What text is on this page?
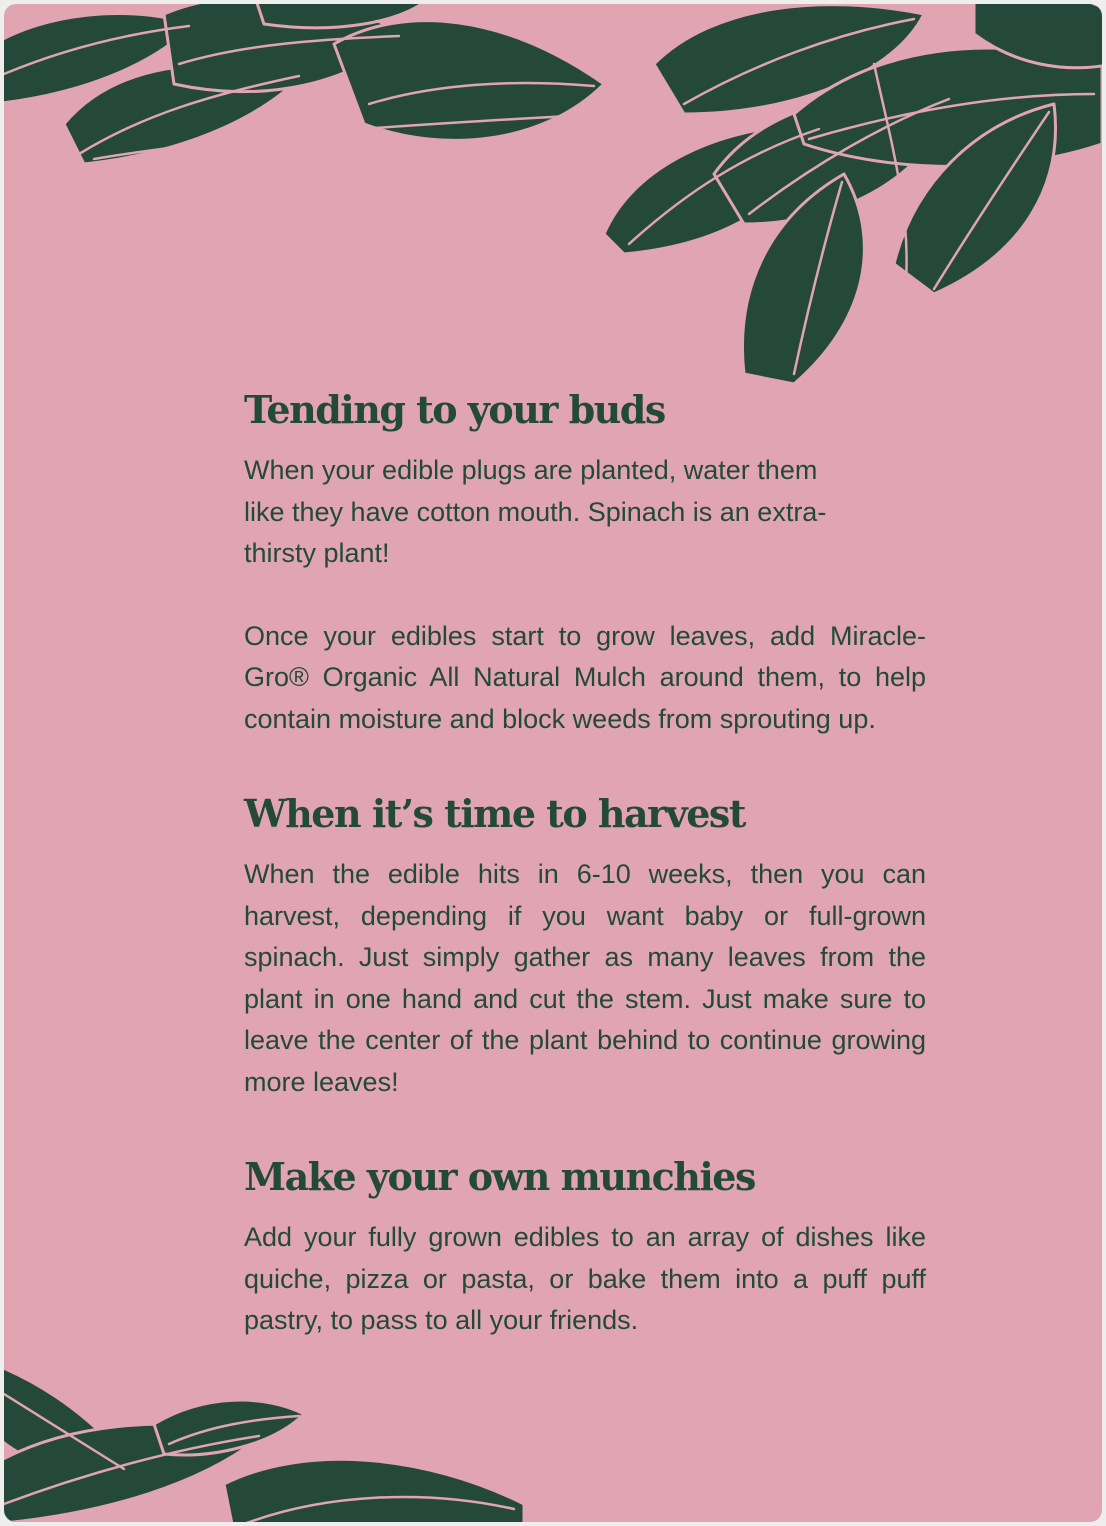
Tending to your buds

When your edible plugs are planted, water them like they have cotton mouth. Spinach is an extra-thirsty plant!

Once your edibles start to grow leaves, add Miracle-Gro® Organic All Natural Mulch around them, to help contain moisture and block weeds from sprouting up.

When it’s time to harvest

When the edible hits in 6-10 weeks, then you can harvest, depending if you want baby or full-grown spinach. Just simply gather as many leaves from the plant in one hand and cut the stem. Just make sure to leave the center of the plant behind to continue growing more leaves!

Make your own munchies

Add your fully grown edibles to an array of dishes like quiche, pizza or pasta, or bake them into a puff puff pastry, to pass to all your friends.
